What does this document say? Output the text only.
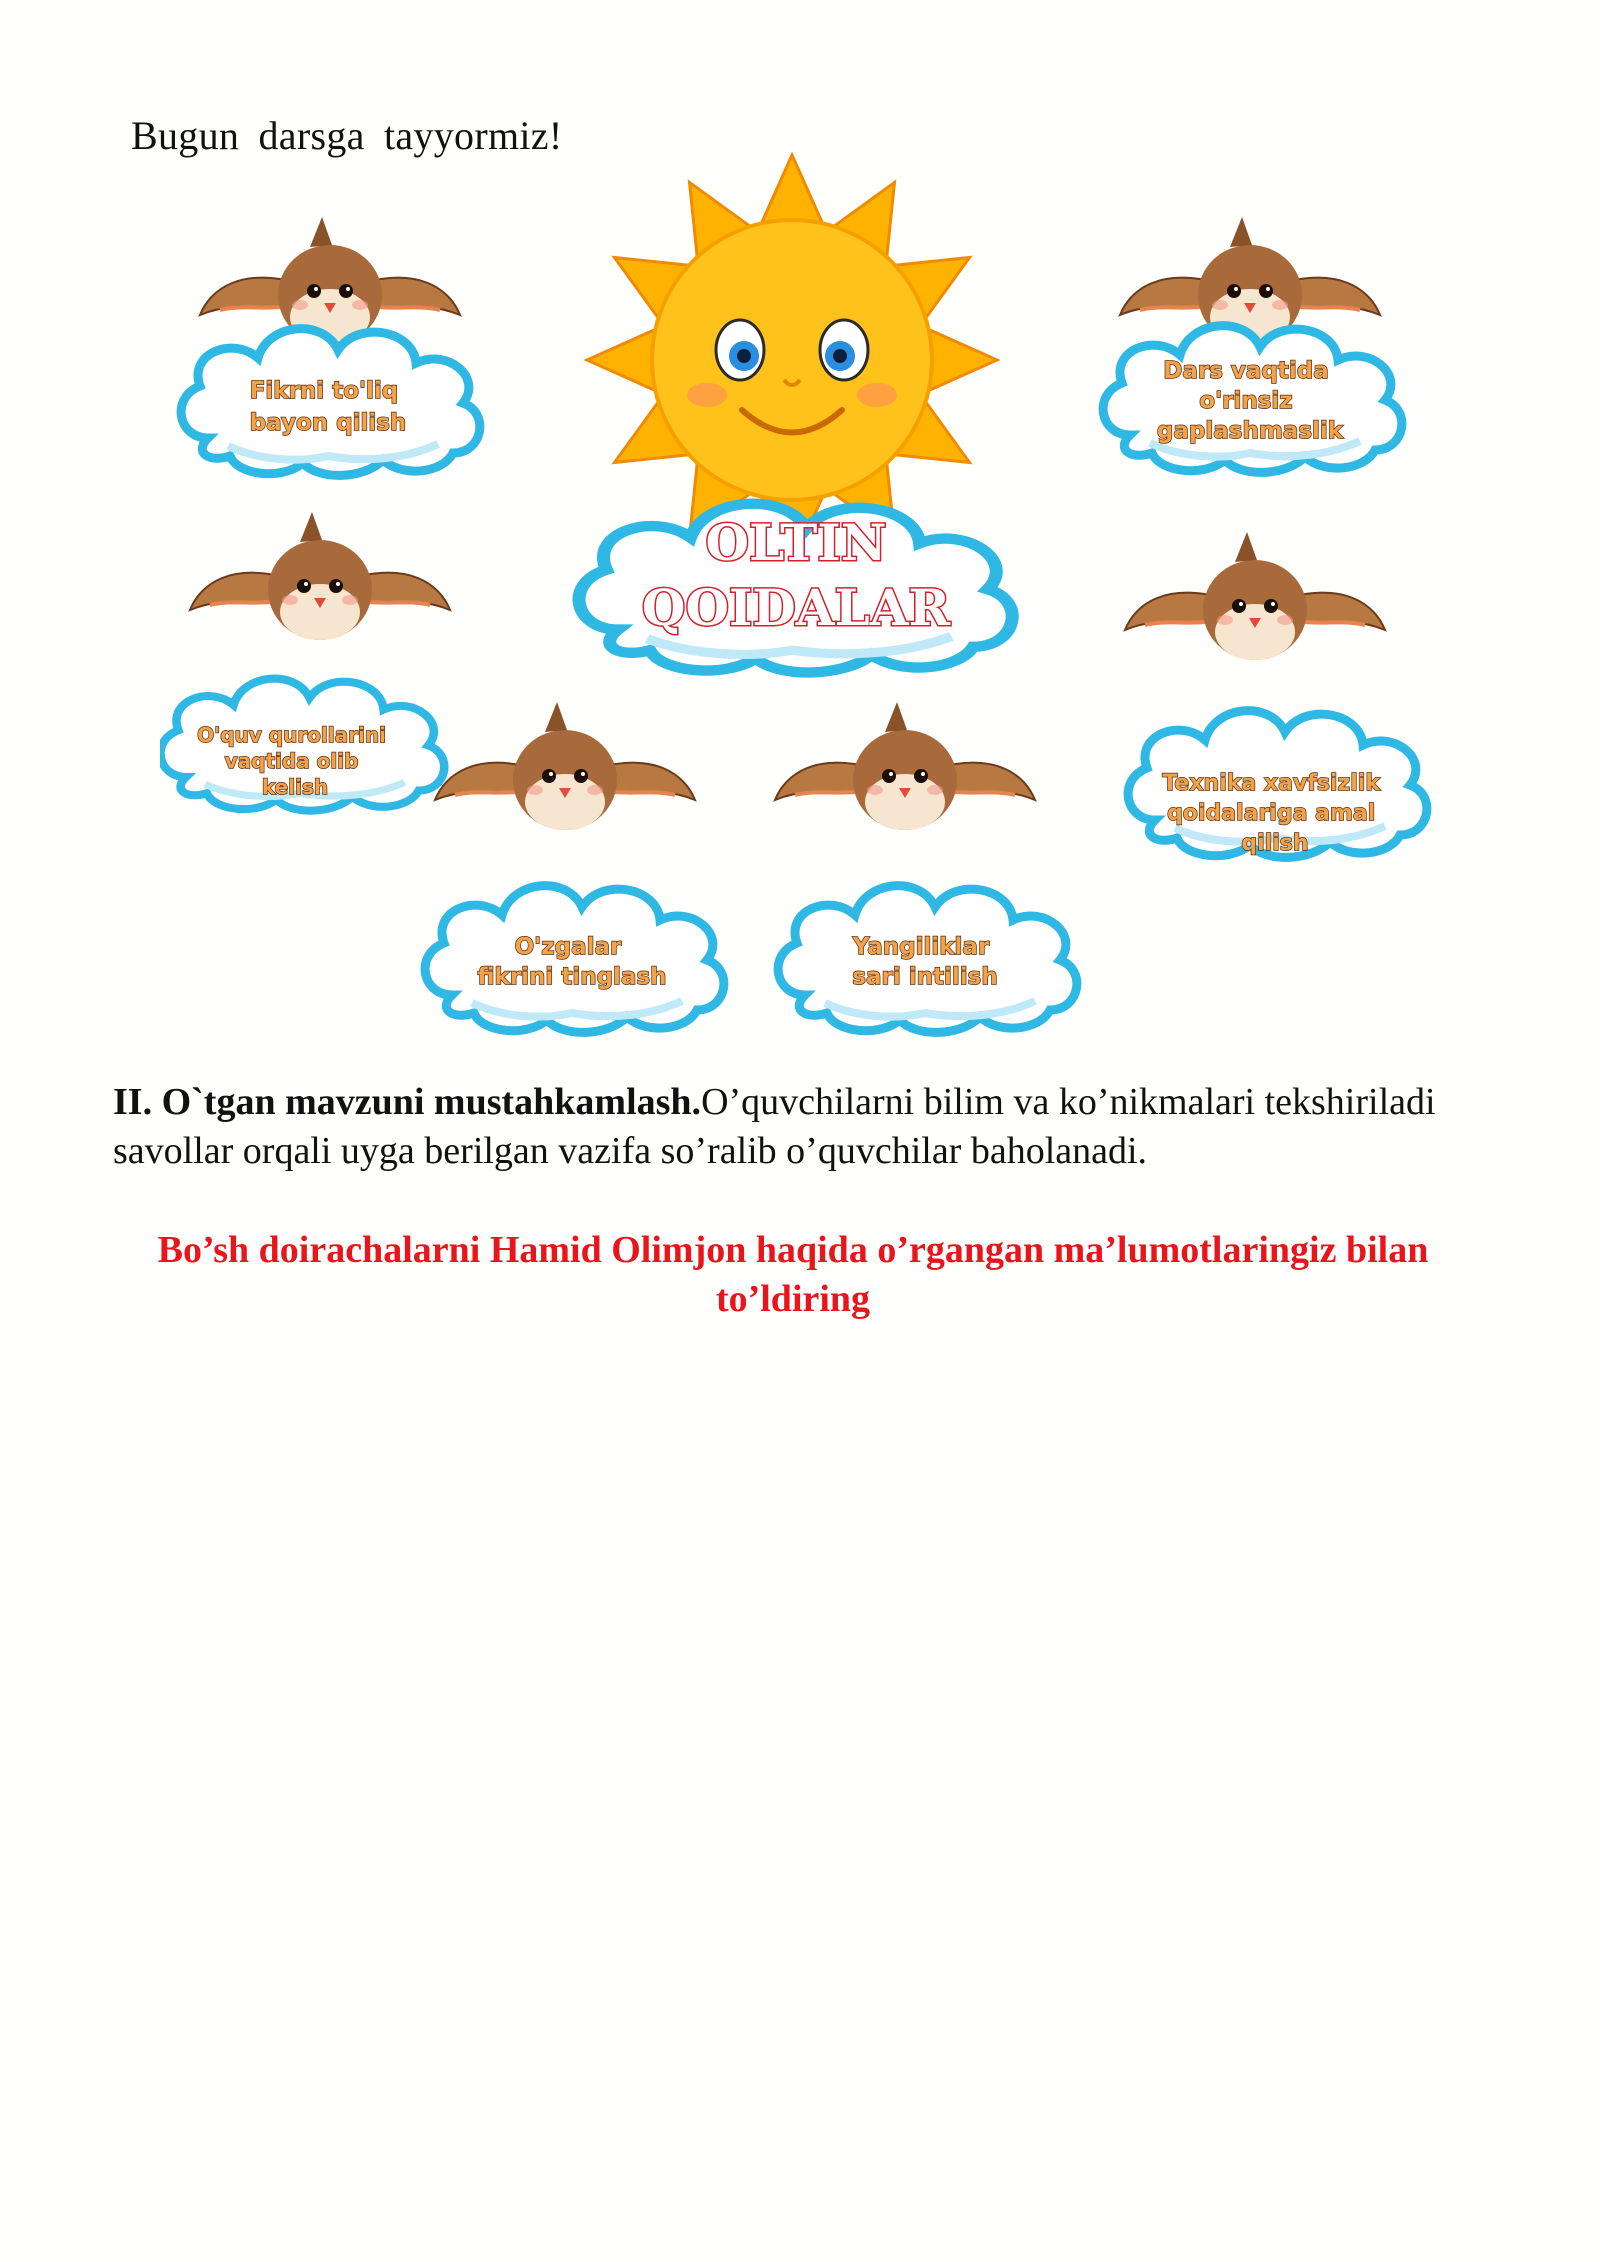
Bugun darsga tayyormiz!
OLTIN
QOIDALAR
Fikrni to'liq bayon qilish
Dars vaqtida o'rinsiz gaplashmaslik
O'quv qurollarini vaqtida olib kelish	Texnika xavfsizlik qoidalariga amal qilish
O'zgalar fikrini tinglash
Yangiliklar sari intilish
II. O`tgan mavzuni mustahkamlash.O’quvchilarni bilim va ko’nikmalari tekshiriladi savollar orqali uyga berilgan vazifa so’ralib o’quvchilar baholanadi.
Bo’sh doirachalarni Hamid Olimjon haqida o’rgangan ma’lumotlaringiz bilan to’ldiring
